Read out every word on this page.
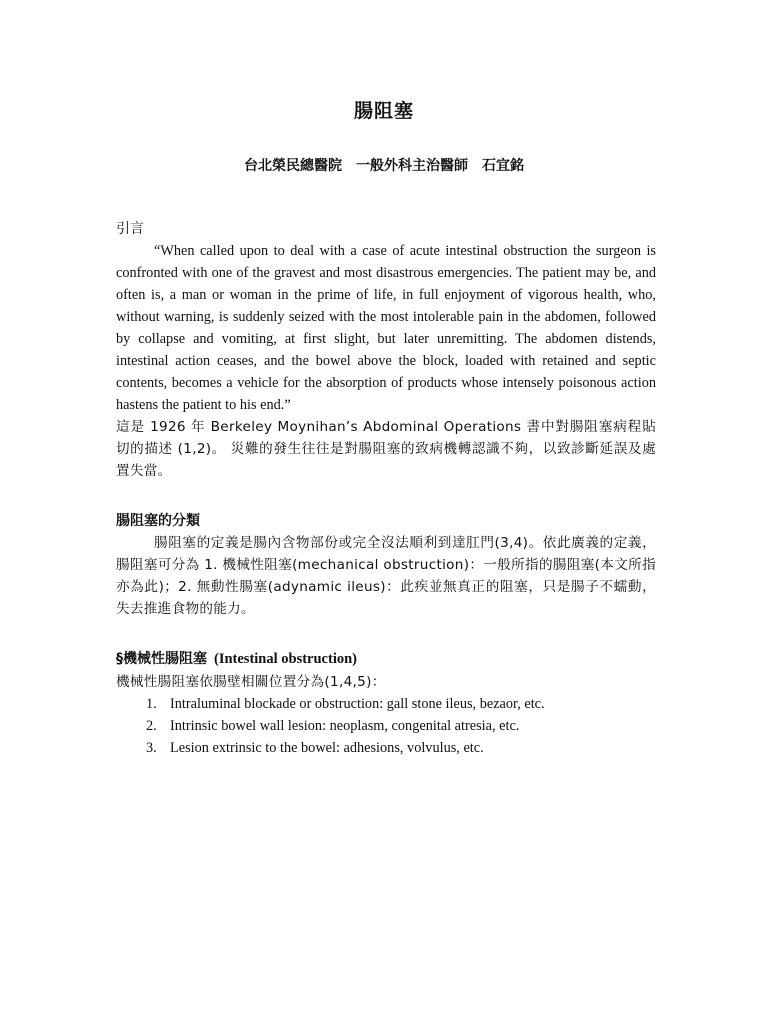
腸阻塞
台北榮民總醫院　一般外科主治醫師　石宜銘

引言

“When called upon to deal with a case of acute intestinal obstruction the surgeon is confronted with one of the gravest and most disastrous emergencies. The patient may be, and often is, a man or woman in the prime of life, in full enjoyment of vigorous health, who, without warning, is suddenly seized with the most intolerable pain in the abdomen, followed by collapse and vomiting, at first slight, but later unremitting. The abdomen distends, intestinal action ceases, and the bowel above the block, loaded with retained and septic contents, becomes a vehicle for the absorption of products whose intensely poisonous action hastens the patient to his end.”

這是 1926 年 Berkeley Moynihan’s Abdominal Operations 書中對腸阻塞病程貼切的描述 (1,2)。 災難的發生往往是對腸阻塞的致病機轉認識不夠，以致診斷延誤及處置失當。

腸阻塞的分類

腸阻塞的定義是腸內含物部份或完全沒法順利到達肛門(3,4)。依此廣義的定義，腸阻塞可分為 1. 機械性阻塞(mechanical obstruction)：一般所指的腸阻塞(本文所指亦為此)；2. 無動性腸塞(adynamic ileus)：此疾並無真正的阻塞，只是腸子不蠕動，失去推進食物的能力。

§機械性腸阻塞 (Intestinal obstruction)

機械性腸阻塞依腸壁相關位置分為(1,4,5)：

1. Intraluminal blockade or obstruction: gall stone ileus, bezaor, etc.
2. Intrinsic bowel wall lesion: neoplasm, congenital atresia, etc.
3. Lesion extrinsic to the bowel: adhesions, volvulus, etc.
